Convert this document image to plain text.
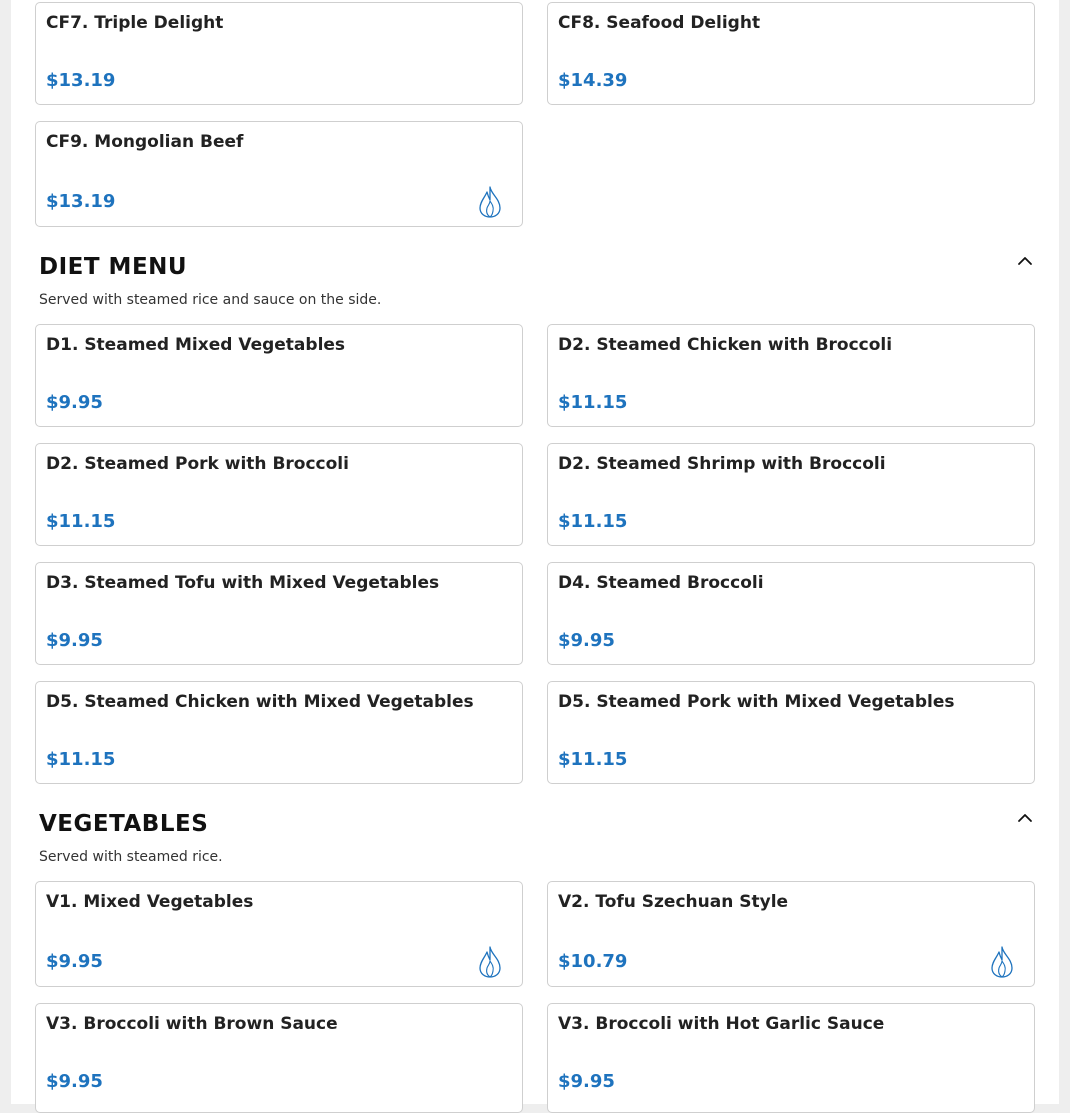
CF7. Triple Delight
$13.19
CF8. Seafood Delight
$14.39
CF9. Mongolian Beef
$13.19
DIET MENU
Served with steamed rice and sauce on the side.
D1. Steamed Mixed Vegetables
$9.95
D2. Steamed Chicken with Broccoli
$11.15
D2. Steamed Pork with Broccoli
$11.15
D2. Steamed Shrimp with Broccoli
$11.15
D3. Steamed Tofu with Mixed Vegetables
$9.95
D4. Steamed Broccoli
$9.95
D5. Steamed Chicken with Mixed Vegetables
$11.15
D5. Steamed Pork with Mixed Vegetables
$11.15
VEGETABLES
Served with steamed rice.
V1. Mixed Vegetables
$9.95
V2. Tofu Szechuan Style
$10.79
V3. Broccoli with Brown Sauce
$9.95
V3. Broccoli with Hot Garlic Sauce
$9.95
